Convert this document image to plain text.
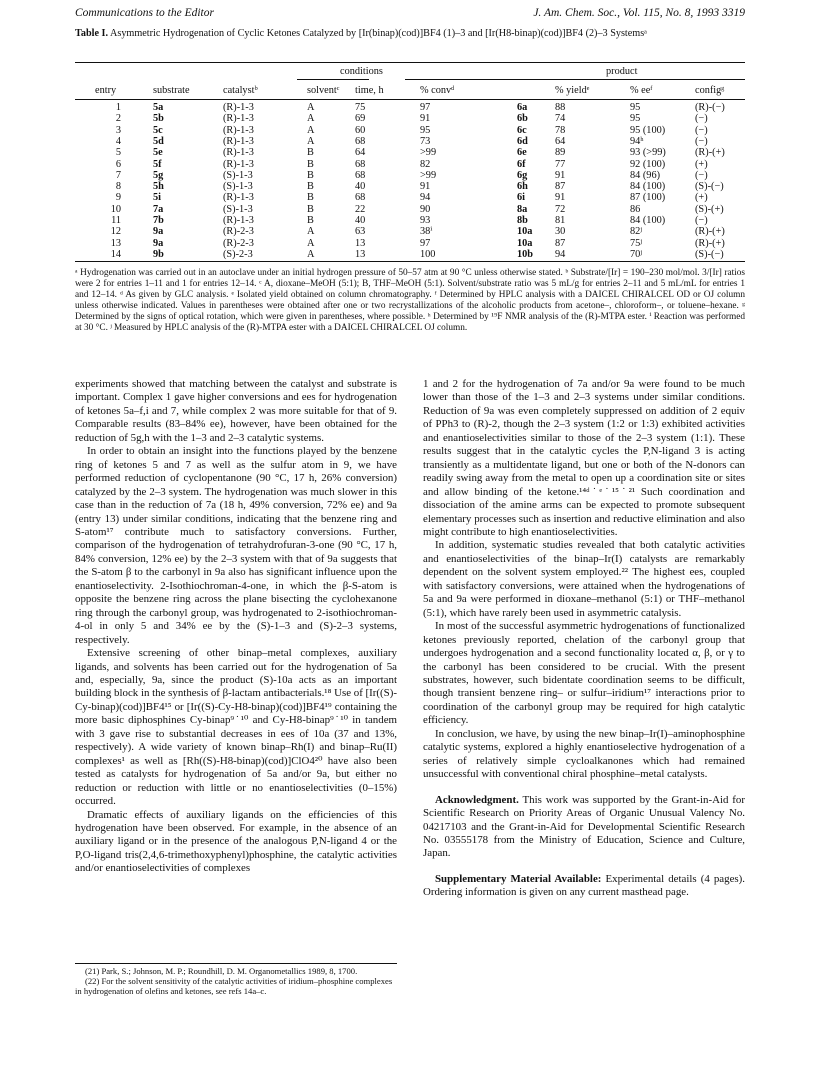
Communications to the Editor	J. Am. Chem. Soc., Vol. 115, No. 8, 1993 3319
Table I. Asymmetric Hydrogenation of Cyclic Ketones Catalyzed by [Ir(binap)(cod)]BF4 (1)–3 and [Ir(H8-binap)(cod)]BF4 (2)–3 Systemsᵃ
conditions	product
entry	substrate	catalystᵇ	solventᶜ time, h	% convᵈ	% yieldᵉ	% eeᶠ	configᵍ
1	5a	(R)-1-3	A	75	97	6a	88	95	(R)-(−)
2	5b	(R)-1-3	A	69	91	6b	74	95	(−)
3	5c	(R)-1-3	A	60	95	6c	78	95 (100)	(−)
4	5d	(R)-1-3	A	68	73	6d	64	94ʰ	(−)
5	5e	(R)-1-3	B	64	>99	6e	89	93 (>99)	(R)-(+)
6	5f	(R)-1-3	B	68	82	6f	77	92 (100)	(+)
7	5g	(S)-1-3	B	68	>99	6g	91	84 (96)	(−)
8	5h	(S)-1-3	B	40	91	6h	87	84 (100)	(S)-(−)
9	5i	(R)-1-3	B	68	94	6i	91	87 (100)	(+)
10	7a	(S)-1-3	B	22	90	8a	72	86	(S)-(+)
11	7b	(R)-1-3	B	40	93	8b	81	84 (100)	(−)
12	9a	(R)-2-3	A	63	38ⁱ	10a 30	82ʲ	(R)-(+)
13	9a	(R)-2-3	A	13	97	10a 87	75ʲ	(R)-(+)
14	9b	(S)-2-3	A	13	100	10b 94	70ʲ	(S)-(−)
ᵃ Hydrogenation was carried out in an autoclave under an initial hydrogen pressure of 50–57 atm at 90 °C unless otherwise stated. ᵇ Substrate/[Ir] = 190–230 mol/mol. 3/[Ir] ratios were 2 for entries 1–11 and 1 for entries 12–14. ᶜ A, dioxane–MeOH (5:1); B, THF–MeOH (5:1). Solvent/substrate ratio was 5 mL/g for entries 2–11 and 5 mL/mL for entries 1 and 12–14. ᵈ As given by GLC analysis. ᵉ Isolated yield obtained on column chromatography. ᶠ Determined by HPLC analysis with a DAICEL CHIRALCEL OD or OJ column unless otherwise indicated. Values in parentheses were obtained after one or two recrystallizations of the alcoholic products from acetone–, chloroform–, or toluene–hexane. ᵍ Determined by the signs of optical rotation, which were given in parentheses, where possible. ʰ Determined by ¹⁹F NMR analysis of the (R)-MTPA ester. ⁱ Reaction was performed at 30 °C. ʲ Measured by HPLC analysis of the (R)-MTPA ester with a DAICEL CHIRALCEL OJ column.

experiments showed that matching between the catalyst and substrate is important. Complex 1 gave higher conversions and ees for hydrogenation of ketones 5a–f,i and 7, while complex 2 was more suitable for that of 9. Comparable results (83–84% ee), however, have been obtained for the reduction of 5g,h with the 1–3 and 2–3 catalytic systems.

In order to obtain an insight into the functions played by the benzene ring of ketones 5 and 7 as well as the sulfur atom in 9, we have performed reduction of cyclopentanone (90 °C, 17 h, 26% conversion) catalyzed by the 2–3 system. The hydrogenation was much slower in this case than in the reduction of 7a (18 h, 49% conversion, 72% ee) and 9a (entry 13) under similar conditions, indicating that the benzene ring and S-atom¹⁷ contribute much to satisfactory conversions. Further, comparison of the hydrogenation of tetrahydrofuran-3-one (90 °C, 17 h, 84% conversion, 12% ee) by the 2–3 system with that of 9a suggests that the S-atom β to the carbonyl in 9a also has significant influence upon the enantioselectivity. 2-Isothiochroman-4-one, in which the β-S-atom is opposite the benzene ring across the plane bisecting the cyclohexanone ring through the carbonyl group, was hydrogenated to 2-isothiochroman-4-ol in only 5 and 34% ee by the (S)-1–3 and (S)-2–3 systems, respectively.

Extensive screening of other binap–metal complexes, auxiliary ligands, and solvents has been carried out for the hydrogenation of 5a and, especially, 9a, since the product (S)-10a acts as an important building block in the synthesis of β-lactam antibacterials.¹⁸ Use of [Ir((S)-Cy-binap)(cod)]BF4¹⁵ or [Ir((S)-Cy-H8-binap)(cod)]BF4¹⁹ containing the more basic diphosphines Cy-binap⁹˙¹⁰ and Cy-H8-binap⁹˙¹⁰ in tandem with 3 gave rise to substantial decreases in ees of 10a (37 and 13%, respectively). A wide variety of known binap–Rh(I) and binap–Ru(II) complexes¹ as well as [Rh((S)-H8-binap)(cod)]ClO4²⁰ have also been tested as catalysts for hydrogenation of 5a and/or 9a, but either no reduction or reduction with little or no enantioselectivities (0–15%) occurred.

Dramatic effects of auxiliary ligands on the efficiencies of this hydrogenation have been observed. For example, in the absence of an auxiliary ligand or in the presence of the analogous P,N-ligand 4 or the P,O-ligand tris(2,4,6-trimethoxyphenyl)phosphine, the catalytic activities and/or enantioselectivities of complexes

(21) Park, S.; Johnson, M. P.; Roundhill, D. M. Organometallics 1989, 8, 1700.

(22) For the solvent sensitivity of the catalytic activities of iridium–phosphine complexes in hydrogenation of olefins and ketones, see refs 14a–c.

1 and 2 for the hydrogenation of 7a and/or 9a were found to be much lower than those of the 1–3 and 2–3 systems under similar conditions. Reduction of 9a was even completely suppressed on addition of 2 equiv of PPh3 to (R)-2, though the 2–3 system (1:2 or 1:3) exhibited activities and enantioselectivities similar to those of the 2–3 system (1:1). These results suggest that in the catalytic cycles the P,N-ligand 3 is acting transiently as a multidentate ligand, but one or both of the N-donors can readily swing away from the metal to open up a coordination site or sites and allow binding of the ketone.¹⁴ᵈ˙ᵉ˙¹⁵˙²¹ Such coordination and dissociation of the amine arms can be expected to promote subsequent elementary processes such as insertion and reductive elimination and also might contribute to high enantioselectivities.

In addition, systematic studies revealed that both catalytic activities and enantioselectivities of the binap–Ir(I) catalysts are remarkably dependent on the solvent system employed.²² The highest ees, coupled with satisfactory conversions, were attained when the hydrogenations of 5a and 9a were performed in dioxane–methanol (5:1) or THF–methanol (5:1), which have rarely been used in asymmetric catalysis.

In most of the successful asymmetric hydrogenations of functionalized ketones previously reported, chelation of the carbonyl group that undergoes hydrogenation and a second functionality located α, β, or γ to the carbonyl has been considered to be crucial. With the present substrates, however, such bidentate coordination seems to be difficult, though transient benzene ring– or sulfur–iridium¹⁷ interactions prior to coordination of the carbonyl group may be required for high catalytic efficiency.

In conclusion, we have, by using the new binap–Ir(I)–aminophosphine catalytic systems, explored a highly enantioselective hydrogenation of a series of relatively simple cycloalkanones which had remained unsuccessful with conventional chiral phosphine–metal catalysts.

Acknowledgment. This work was supported by the Grant-in-Aid for Scientific Research on Priority Areas of Organic Unusual Valency No. 04217103 and the Grant-in-Aid for Developmental Scientific Research No. 03555178 from the Ministry of Education, Science and Culture, Japan.

Supplementary Material Available: Experimental details (4 pages). Ordering information is given on any current masthead page.
